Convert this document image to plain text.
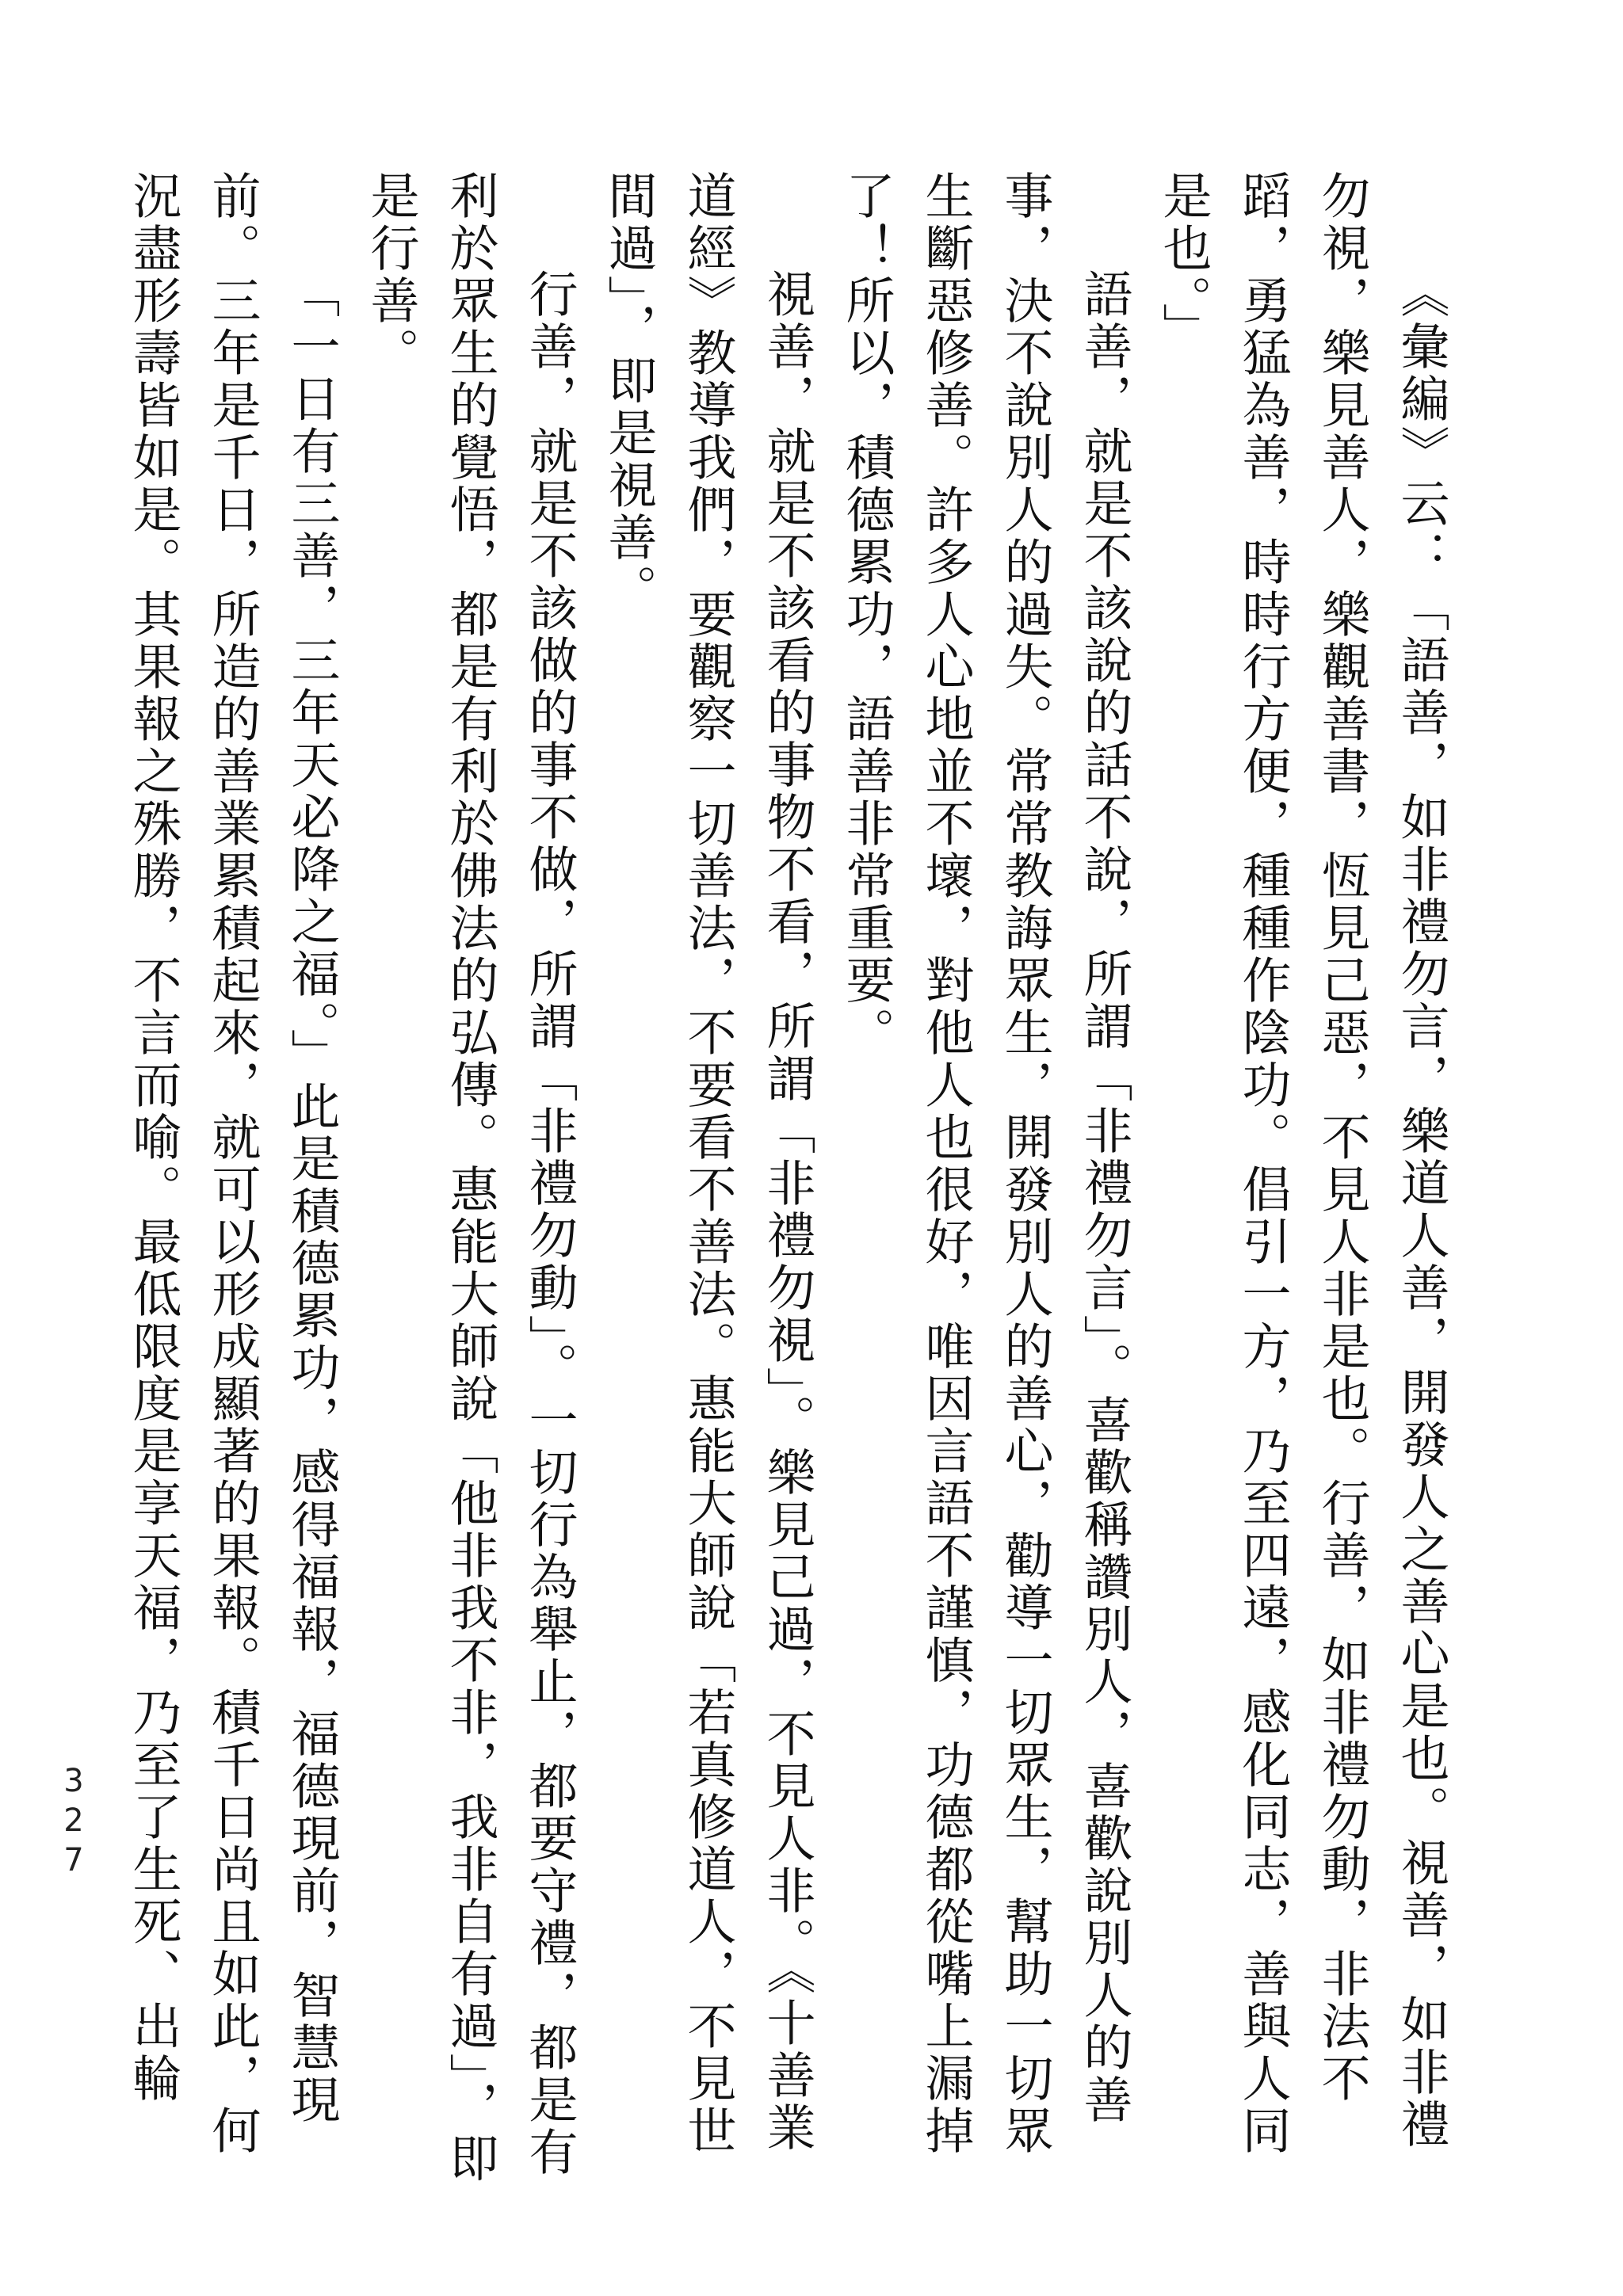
《彙編》云：「語善，如非禮勿言，樂道人善，開發人之善心是也。視善，如非禮勿視，樂見善人，樂觀善書，恆見己惡，不見人非是也。行善，如非禮勿動，非法不蹈，勇猛為善，時時行方便，種種作陰功。倡引一方，乃至四遠，感化同志，善與人同是也。」

語善，就是不該說的話不說，所謂「非禮勿言」。喜歡稱讚別人，喜歡說別人的善事，決不說別人的過失。常常教誨眾生，開發別人的善心，勸導一切眾生，幫助一切眾生斷惡修善。許多人心地並不壞，對他人也很好，唯因言語不謹慎，功德都從嘴上漏掉了！所以，積德累功，語善非常重要。

視善，就是不該看的事物不看，所謂「非禮勿視」。樂見己過，不見人非。《十善業道經》教導我們，要觀察一切善法，不要看不善法。惠能大師說「若真修道人，不見世間過」，即是視善。

行善，就是不該做的事不做，所謂「非禮勿動」。一切行為舉止，都要守禮，都是有利於眾生的覺悟，都是有利於佛法的弘傳。惠能大師說「他非我不非，我非自有過」，即是行善。

「一日有三善，三年天必降之福。」此是積德累功，感得福報，福德現前，智慧現前。三年是千日，所造的善業累積起來，就可以形成顯著的果報。積千日尚且如此，何況盡形壽皆如是。其果報之殊勝，不言而喻。最低限度是享天福，乃至了生死、出輪

327
